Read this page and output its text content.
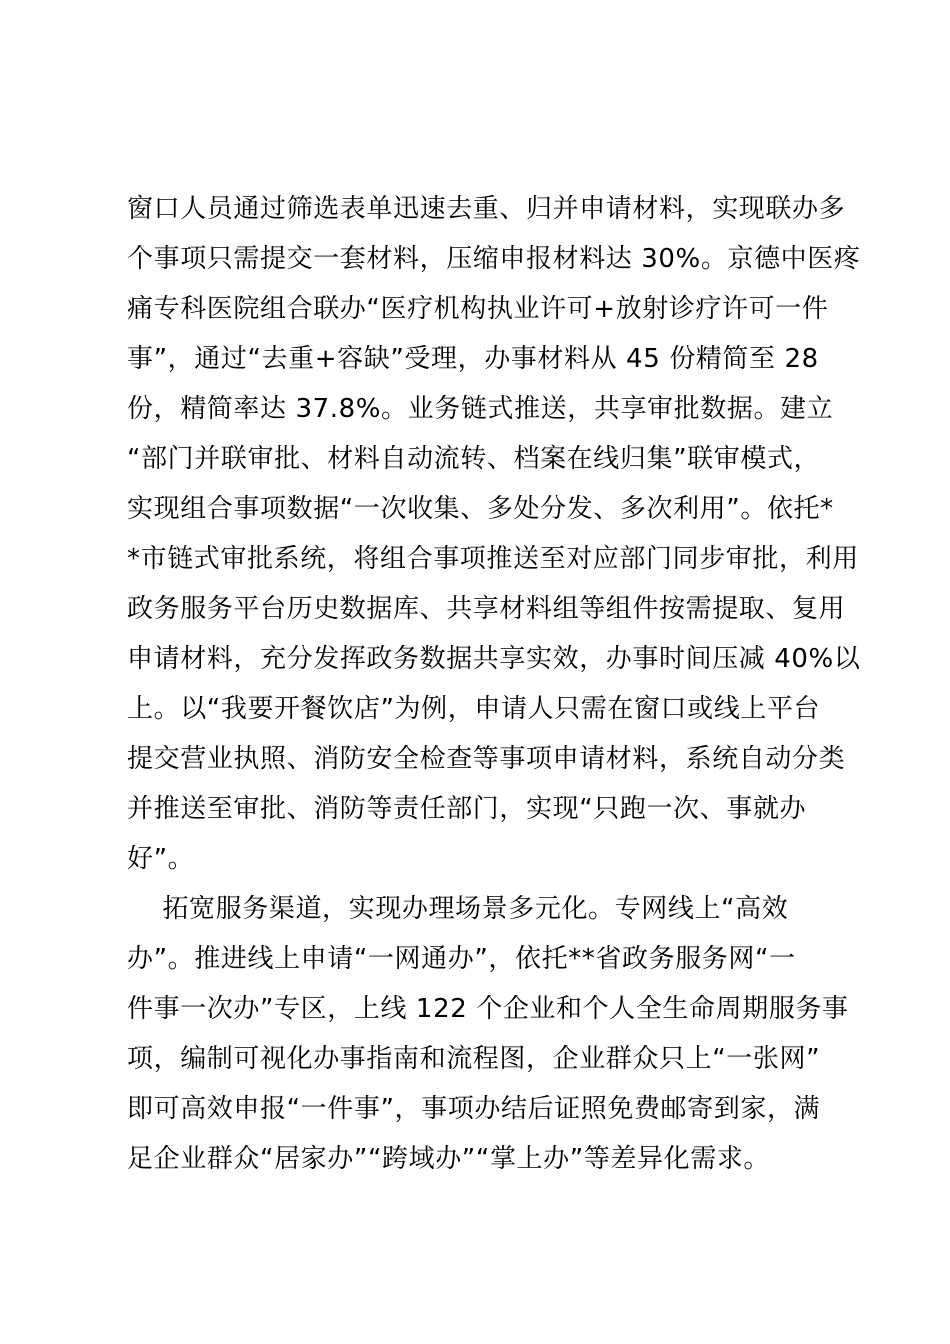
窗口人员通过筛选表单迅速去重、归并申请材料，实现联办多
个事项只需提交一套材料，压缩申报材料达 30%。京德中医疼
痛专科医院组合联办“医疗机构执业许可+放射诊疗许可一件
事”，通过“去重+容缺”受理，办事材料从 45 份精简至 28
份，精简率达 37.8%。业务链式推送，共享审批数据。建立
“部门并联审批、材料自动流转、档案在线归集”联审模式，
实现组合事项数据“一次收集、多处分发、多次利用”。依托*
*市链式审批系统，将组合事项推送至对应部门同步审批，利用
政务服务平台历史数据库、共享材料组等组件按需提取、复用
申请材料，充分发挥政务数据共享实效，办事时间压减 40%以
上。以“我要开餐饮店”为例，申请人只需在窗口或线上平台
提交营业执照、消防安全检查等事项申请材料，系统自动分类
并推送至审批、消防等责任部门，实现“只跑一次、事就办
好”。
拓宽服务渠道，实现办理场景多元化。专网线上“高效
办”。推进线上申请“一网通办”，依托**省政务服务网“一
件事一次办”专区，上线 122 个企业和个人全生命周期服务事
项，编制可视化办事指南和流程图，企业群众只上“一张网”
即可高效申报“一件事”，事项办结后证照免费邮寄到家，满
足企业群众“居家办”“跨域办”“掌上办”等差异化需求。
